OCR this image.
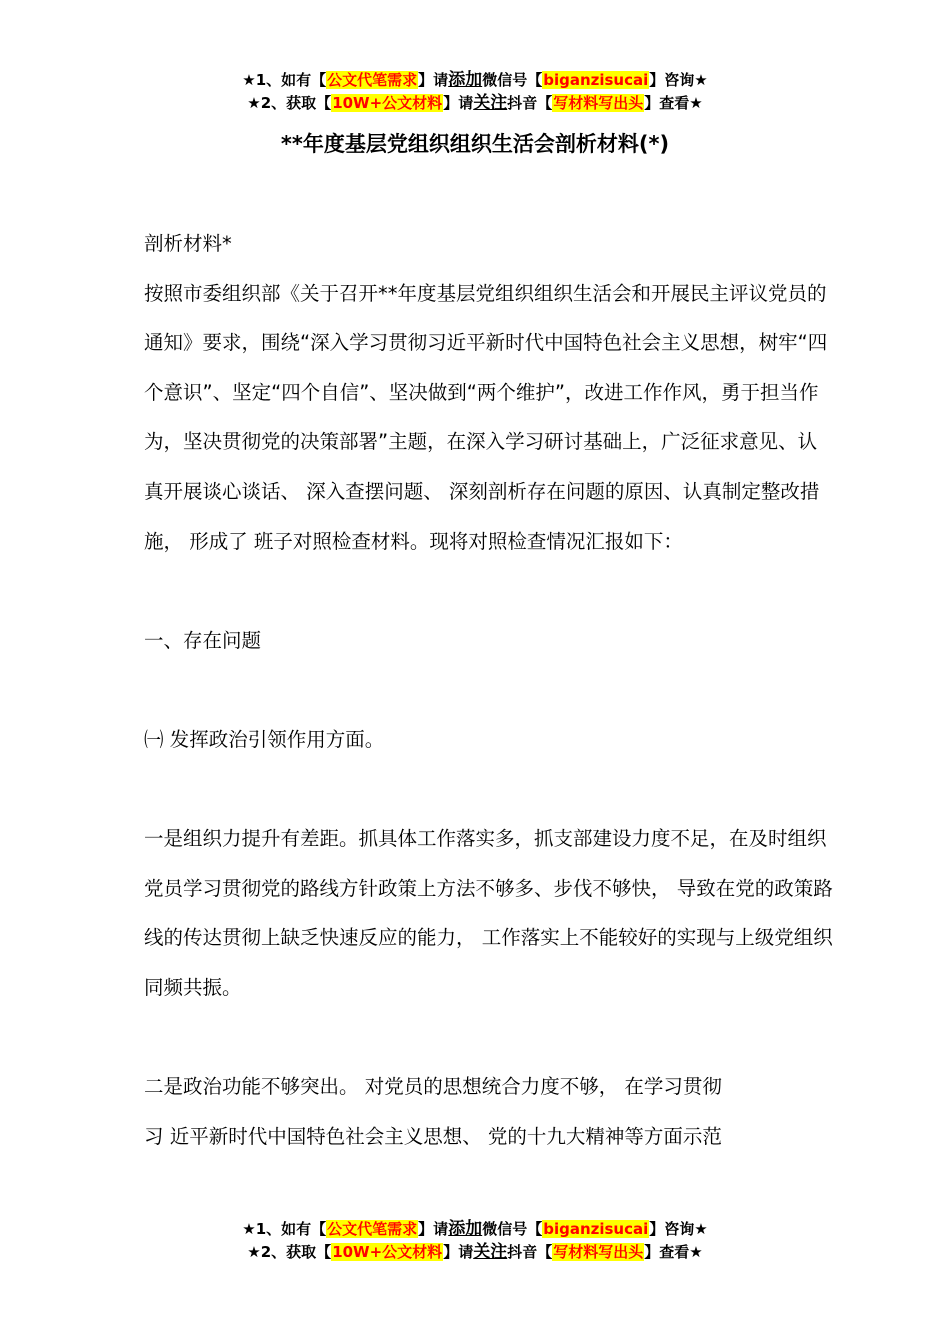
★1、如有【公文代笔需求】请添加微信号【biganzisucai】咨询★
★2、获取【10W+公文材料】请关注抖音【写材料写出头】查看★
**年度基层党组织组织生活会剖析材料(*)

剖析材料*

按照市委组织部《关于召开**年度基层党组织组织生活会和开展民主评议党员的通知》要求，围绕“深入学习贯彻习近平新时代中国特色社会主义思想，树牢“四个意识”、坚定“四个自信”、坚决做到“两个维护”，改进工作作风，勇于担当作为，坚决贯彻党的决策部署”主题，在深入学习研讨基础上，广泛征求意见、认真开展谈心谈话、 深入查摆问题、 深刻剖析存在问题的原因、认真制定整改措施， 形成了 班子对照检查材料。现将对照检查情况汇报如下：

一、存在问题

㈠ 发挥政治引领作用方面。

一是组织力提升有差距。抓具体工作落实多，抓支部建设力度不足，在及时组织党员学习贯彻党的路线方针政策上方法不够多、步伐不够快， 导致在党的政策路线的传达贯彻上缺乏快速反应的能力， 工作落实上不能较好的实现与上级党组织同频共振。

二是政治功能不够突出。 对党员的思想统合力度不够， 在学习贯彻

习 近平新时代中国特色社会主义思想、 党的十九大精神等方面示范

★1、如有【公文代笔需求】请添加微信号【biganzisucai】咨询★
★2、获取【10W+公文材料】请关注抖音【写材料写出头】查看★
